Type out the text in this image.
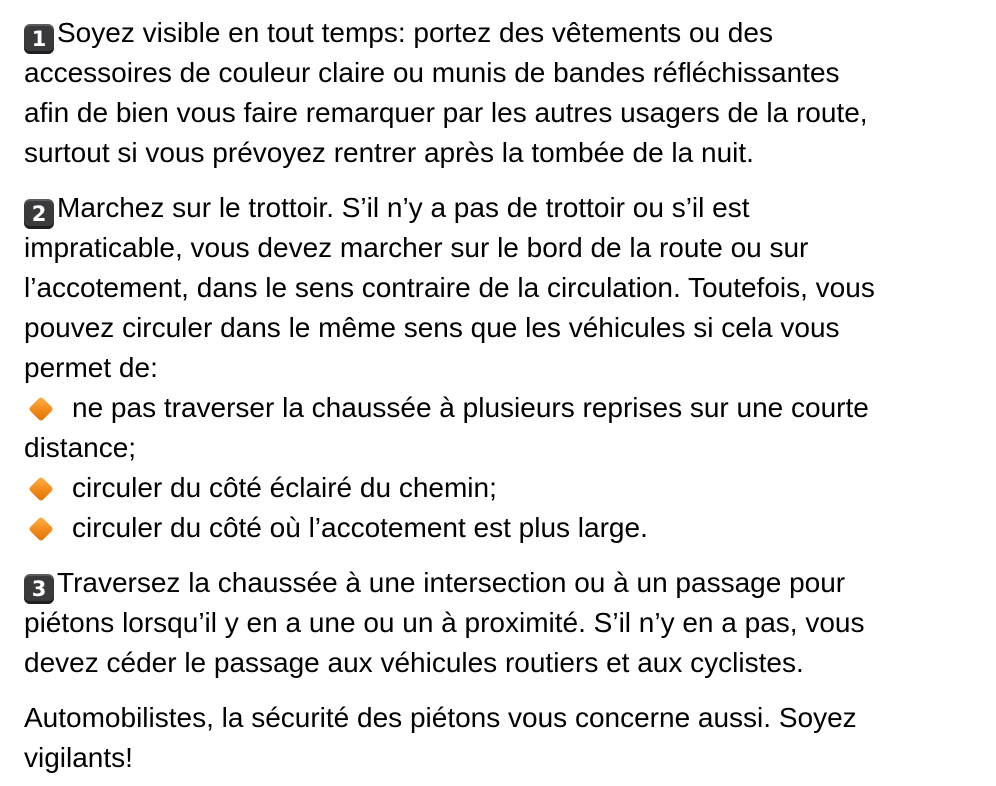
1 Soyez visible en tout temps: portez des vêtements ou des
accessoires de couleur claire ou munis de bandes réfléchissantes
afin de bien vous faire remarquer par les autres usagers de la route,
surtout si vous prévoyez rentrer après la tombée de la nuit.
2 Marchez sur le trottoir. S’il n’y a pas de trottoir ou s’il est
impraticable, vous devez marcher sur le bord de la route ou sur
l’accotement, dans le sens contraire de la circulation. Toutefois, vous
pouvez circuler dans le même sens que les véhicules si cela vous
permet de:
ne pas traverser la chaussée à plusieurs reprises sur une courte
distance;
circuler du côté éclairé du chemin;
circuler du côté où l’accotement est plus large.
3 Traversez la chaussée à une intersection ou à un passage pour
piétons lorsqu’il y en a une ou un à proximité. S’il n’y en a pas, vous
devez céder le passage aux véhicules routiers et aux cyclistes.
Automobilistes, la sécurité des piétons vous concerne aussi. Soyez
vigilants!
